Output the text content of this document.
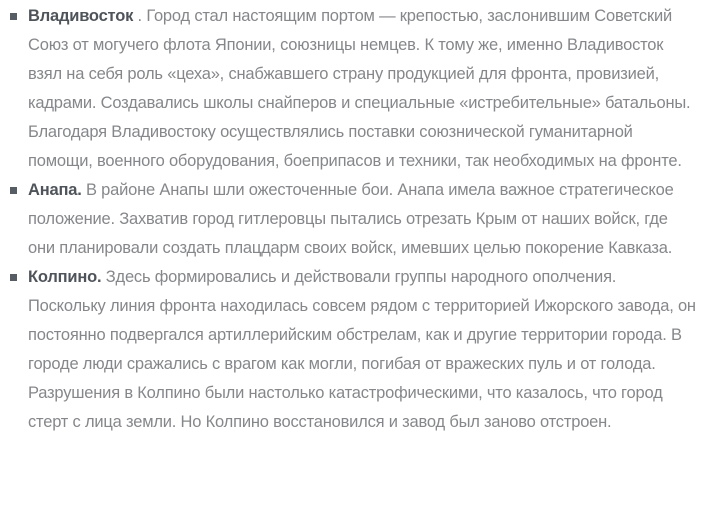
Владивосток . Город стал настоящим портом — крепостью, заслонившим Советский Союз от могучего флота Японии, союзницы немцев. К тому же, именно Владивосток взял на себя роль «цеха», снабжавшего страну продукцией для фронта, провизией, кадрами. Создавались школы снайперов и специальные «истребительные» батальоны. Благодаря Владивостоку осуществлялись поставки союзнической гуманитарной помощи, военного оборудования, боеприпасов и техники, так необходимых на фронте.
Анапа. В районе Анапы шли ожесточенные бои. Анапа имела важное стратегическое положение. Захватив город гитлеровцы пытались отрезать Крым от наших войск, где они планировали создать плацдарм своих войск, имевших целью покорение Кавказа.
Колпино. Здесь формировались и действовали группы народного ополчения. Поскольку линия фронта находилась совсем рядом с территорией Ижорского завода, он постоянно подвергался артиллерийским обстрелам, как и другие территории города. В городе люди сражались с врагом как могли, погибая от вражеских пуль и от голода. Разрушения в Колпино были настолько катастрофическими, что казалось, что город стерт с лица земли. Но Колпино восстановился и завод был заново отстроен.
